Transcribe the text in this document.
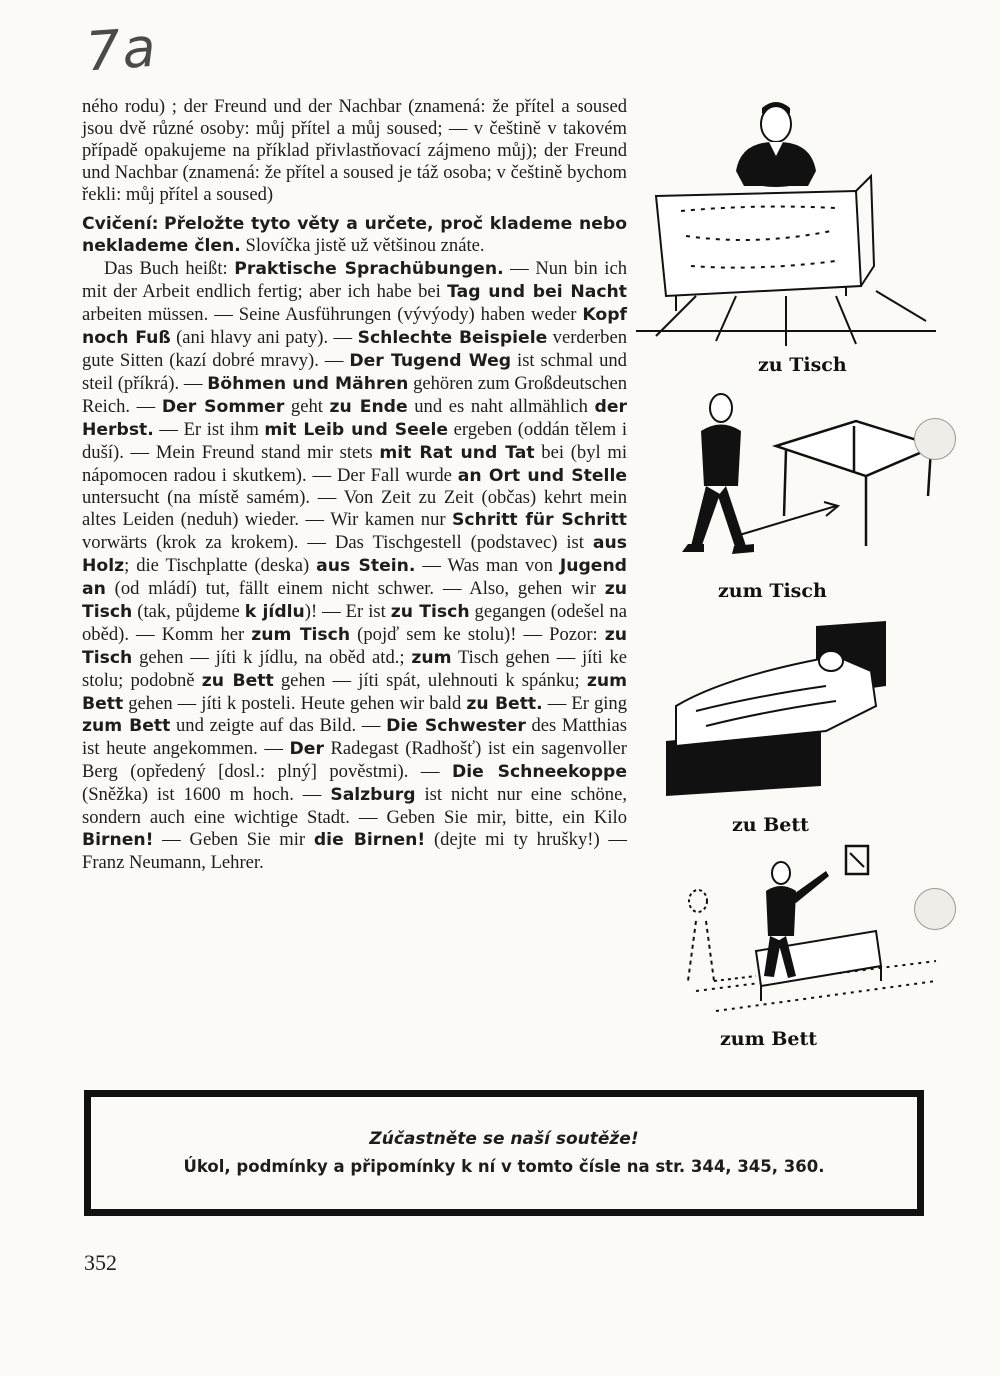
7a

ného rodu) ; der Freund und der Nachbar (znamená: že přítel a soused jsou dvě různé osoby: můj přítel a můj soused; — v češtině v takovém případě opakujeme na příklad přivlastňovací zájmeno můj); der Freund und Nachbar (znamená: že přítel a soused je táž osoba; v češtině bychom řekli: můj přítel a soused)

Cvičení: Přeložte tyto věty a určete, proč klademe nebo neklademe člen. Slovíčka jistě už většinou znáte.

Das Buch heißt: Praktische Sprachübungen. — Nun bin ich mit der Arbeit endlich fertig; aber ich habe bei Tag und bei Nacht arbeiten müssen. — Seine Ausführungen (vývýody) haben weder Kopf noch Fuß (ani hlavy ani paty). — Schlechte Beispiele verderben gute Sitten (kazí dobré mravy). — Der Tugend Weg ist schmal und steil (příkrá). — Böhmen und Mähren gehören zum Großdeutschen Reich. — Der Sommer geht zu Ende und es naht allmählich der Herbst. — Er ist ihm mit Leib und Seele ergeben (oddán tělem i duší). — Mein Freund stand mir stets mit Rat und Tat bei (byl mi nápomocen radou i skutkem). — Der Fall wurde an Ort und Stelle untersucht (na místě samém). — Von Zeit zu Zeit (občas) kehrt mein altes Leiden (neduh) wieder. — Wir kamen nur Schritt für Schritt vorwärts (krok za krokem). — Das Tischgestell (podstavec) ist aus Holz; die Tischplatte (deska) aus Stein. — Was man von Jugend an (od mládí) tut, fällt einem nicht schwer. — Also, gehen wir zu Tisch (tak, půjdeme k jídlu)! — Er ist zu Tisch gegangen (odešel na oběd). — Komm her zum Tisch (pojď sem ke stolu)! — Pozor: zu Tisch gehen — jíti k jídlu, na oběd atd.; zum Tisch gehen — jíti ke stolu; podobně zu Bett gehen — jíti spát, ulehnouti k spánku; zum Bett gehen — jíti k posteli. Heute gehen wir bald zu Bett. — Er ging zum Bett und zeigte auf das Bild. — Die Schwester des Matthias ist heute angekommen. — Der Radegast (Radhošť) ist ein sagenvoller Berg (opředený [dosl.: plný] pověstmi). — Die Schneekoppe (Sněžka) ist 1600 m hoch. — Salzburg ist nicht nur eine schöne, sondern auch eine wichtige Stadt. — Geben Sie mir, bitte, ein Kilo Birnen! — Geben Sie mir die Birnen! (dejte mi ty hrušky!) — Franz Neumann, Lehrer.

zu Tisch
zum Tisch
zu Bett
zum Bett
Zúčastněte se naší soutěže!
Úkol, podmínky a připomínky k ní v tomto čísle na str. 344, 345, 360.
352
